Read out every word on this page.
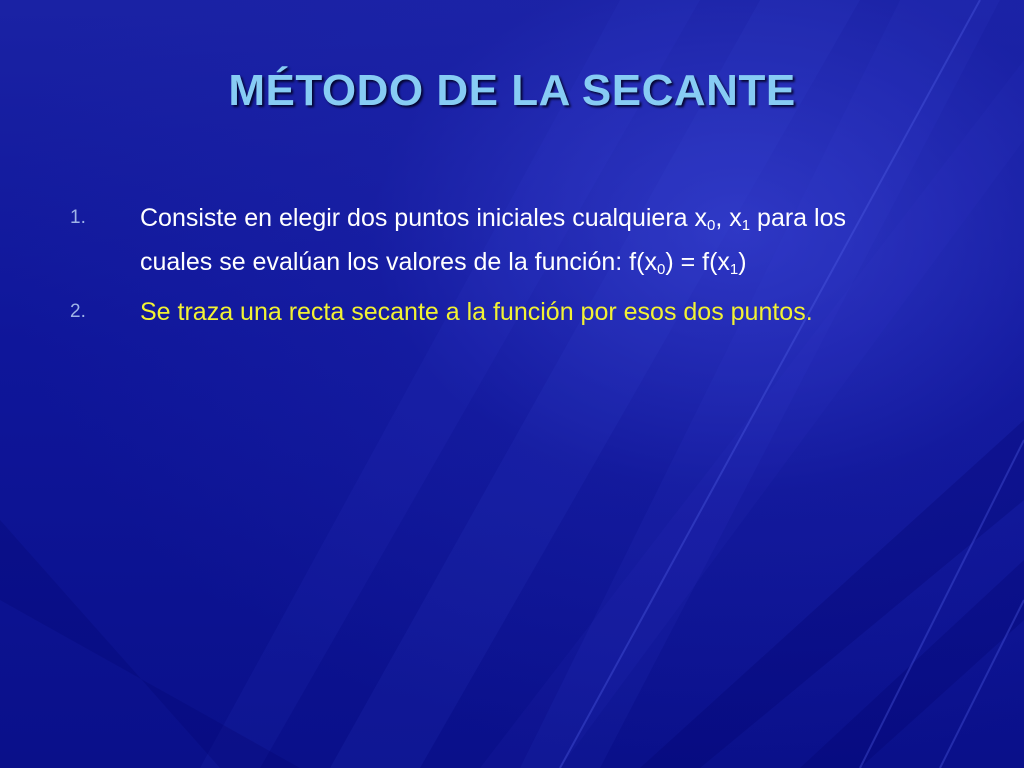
MÉTODO DE LA SECANTE
1. Consiste en elegir dos puntos iniciales cualquiera $x_0$, $x_1$ para los
cuales se evalúan los valores de la función: $f(x_0) = f(x_1)$
2. Se traza una recta secante a la función por esos dos puntos.
